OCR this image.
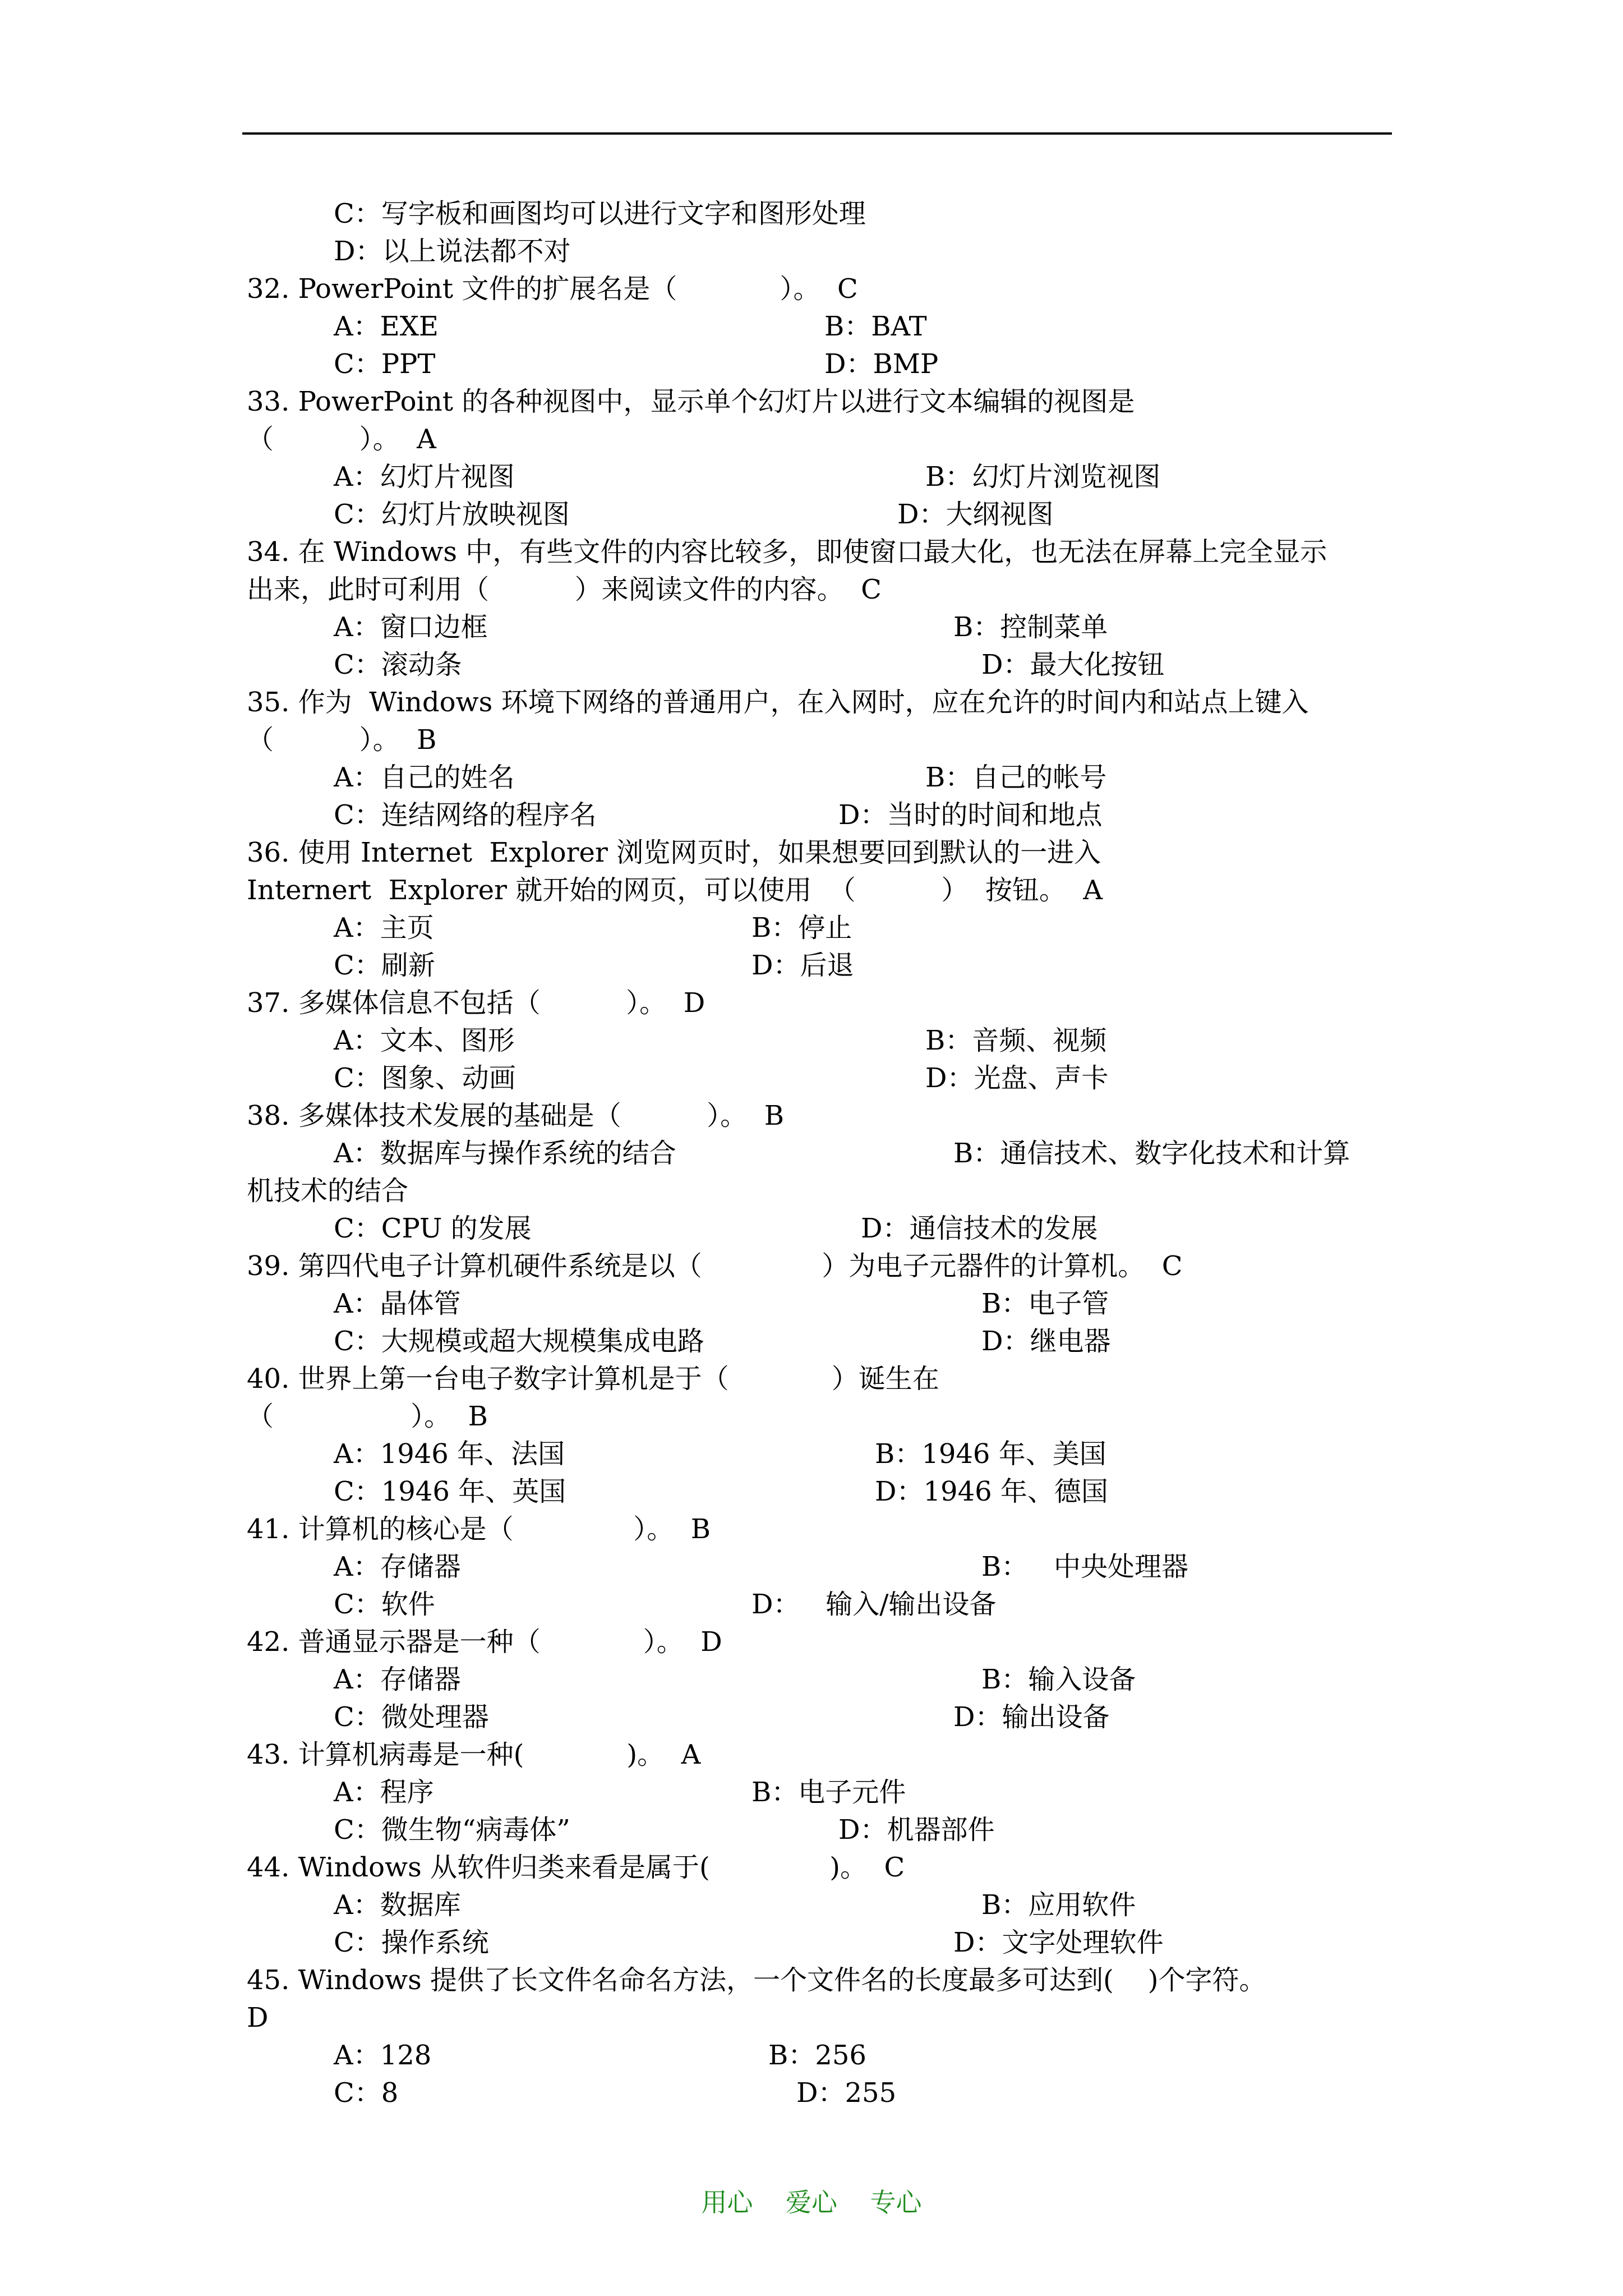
C：写字板和画图均可以进行文字和图形处理
D：以上说法都不对
32. PowerPoint 文件的扩展名是（            ）。  C
A：EXE	B：BAT
C：PPT	D：BMP
33. PowerPoint 的各种视图中，显示单个幻灯片以进行文本编辑的视图是
（          ）。  A
A：幻灯片视图	B：幻灯片浏览视图
C：幻灯片放映视图	D：大纲视图
34. 在 Windows 中，有些文件的内容比较多，即使窗口最大化，也无法在屏幕上完全显示
出来，此时可利用（          ）来阅读文件的内容。  C
A：窗口边框	B：控制菜单
C：滚动条	D：最大化按钮
35. 作为  Windows 环境下网络的普通用户，在入网时，应在允许的时间内和站点上键入
（          ）。  B
A：自己的姓名	B：自己的帐号
C：连结网络的程序名	D：当时的时间和地点
36. 使用 Internet  Explorer 浏览网页时，如果想要回到默认的一进入
Internert  Explorer 就开始的网页，可以使用  （          ）  按钮。  A
A：主页	B：停止
C：刷新	D：后退
37. 多媒体信息不包括（          ）。  D
A：文本、图形	B：音频、视频
C：图象、动画	D：光盘、声卡
38. 多媒体技术发展的基础是（          ）。  B
A：数据库与操作系统的结合	B：通信技术、数字化技术和计算
机技术的结合
C：CPU 的发展	D：通信技术的发展
39. 第四代电子计算机硬件系统是以（              ）为电子元器件的计算机。  C
A：晶体管	B：电子管
C：大规模或超大规模集成电路	D：继电器
40. 世界上第一台电子数字计算机是于（            ）诞生在
（                ）。  B
A：1946 年、法国	B：1946 年、美国
C：1946 年、英国	D：1946 年、德国
41. 计算机的核心是（              ）。  B
A：存储器	B：   中央处理器
C：软件	D：   输入/输出设备
42. 普通显示器是一种（            ）。  D
A：存储器	B：输入设备
C：微处理器	D：输出设备
43. 计算机病毒是一种(            )。  A
A：程序	B：电子元件
C：微生物“病毒体”	D：机器部件
44. Windows 从软件归类来看是属于(              )。  C
A：数据库	B：应用软件
C：操作系统	D：文字处理软件
45. Windows 提供了长文件名命名方法，一个文件名的长度最多可达到(    )个字符。
D
A：128	B：256
C：8	D：255
用心    爱心    专心
